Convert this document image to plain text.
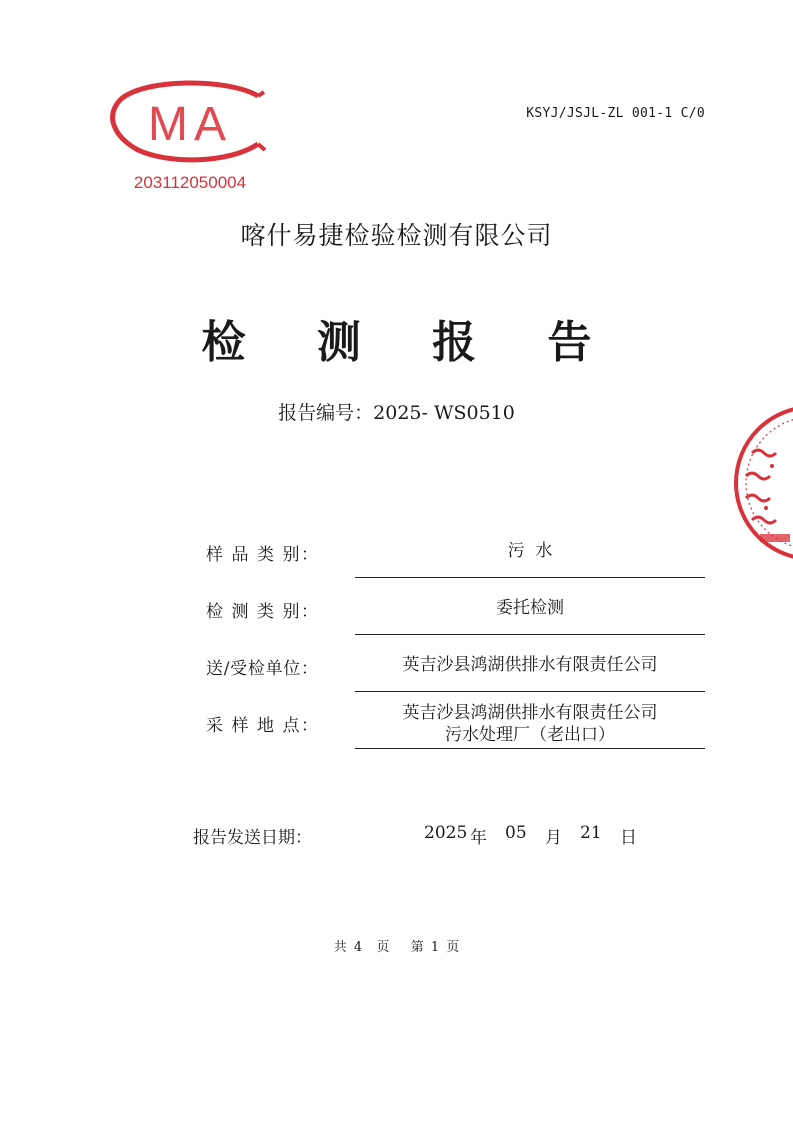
MA
203112050004
KSYJ/JSJL-ZL 001-1 C/0
喀什易捷检验检测有限公司
检 测 报 告
报告编号：2025- WS0510
样 品 类 别：	污  水
检 测 类 别：	委托检测
送/受检单位：	英吉沙县鸿湖供排水有限责任公司
采 样 地 点：
英吉沙县鸿湖供排水有限责任公司
污水处理厂（老出口）
报告发送日期：	2025 年 05 月 21 日
共 4  页   第 1 页
